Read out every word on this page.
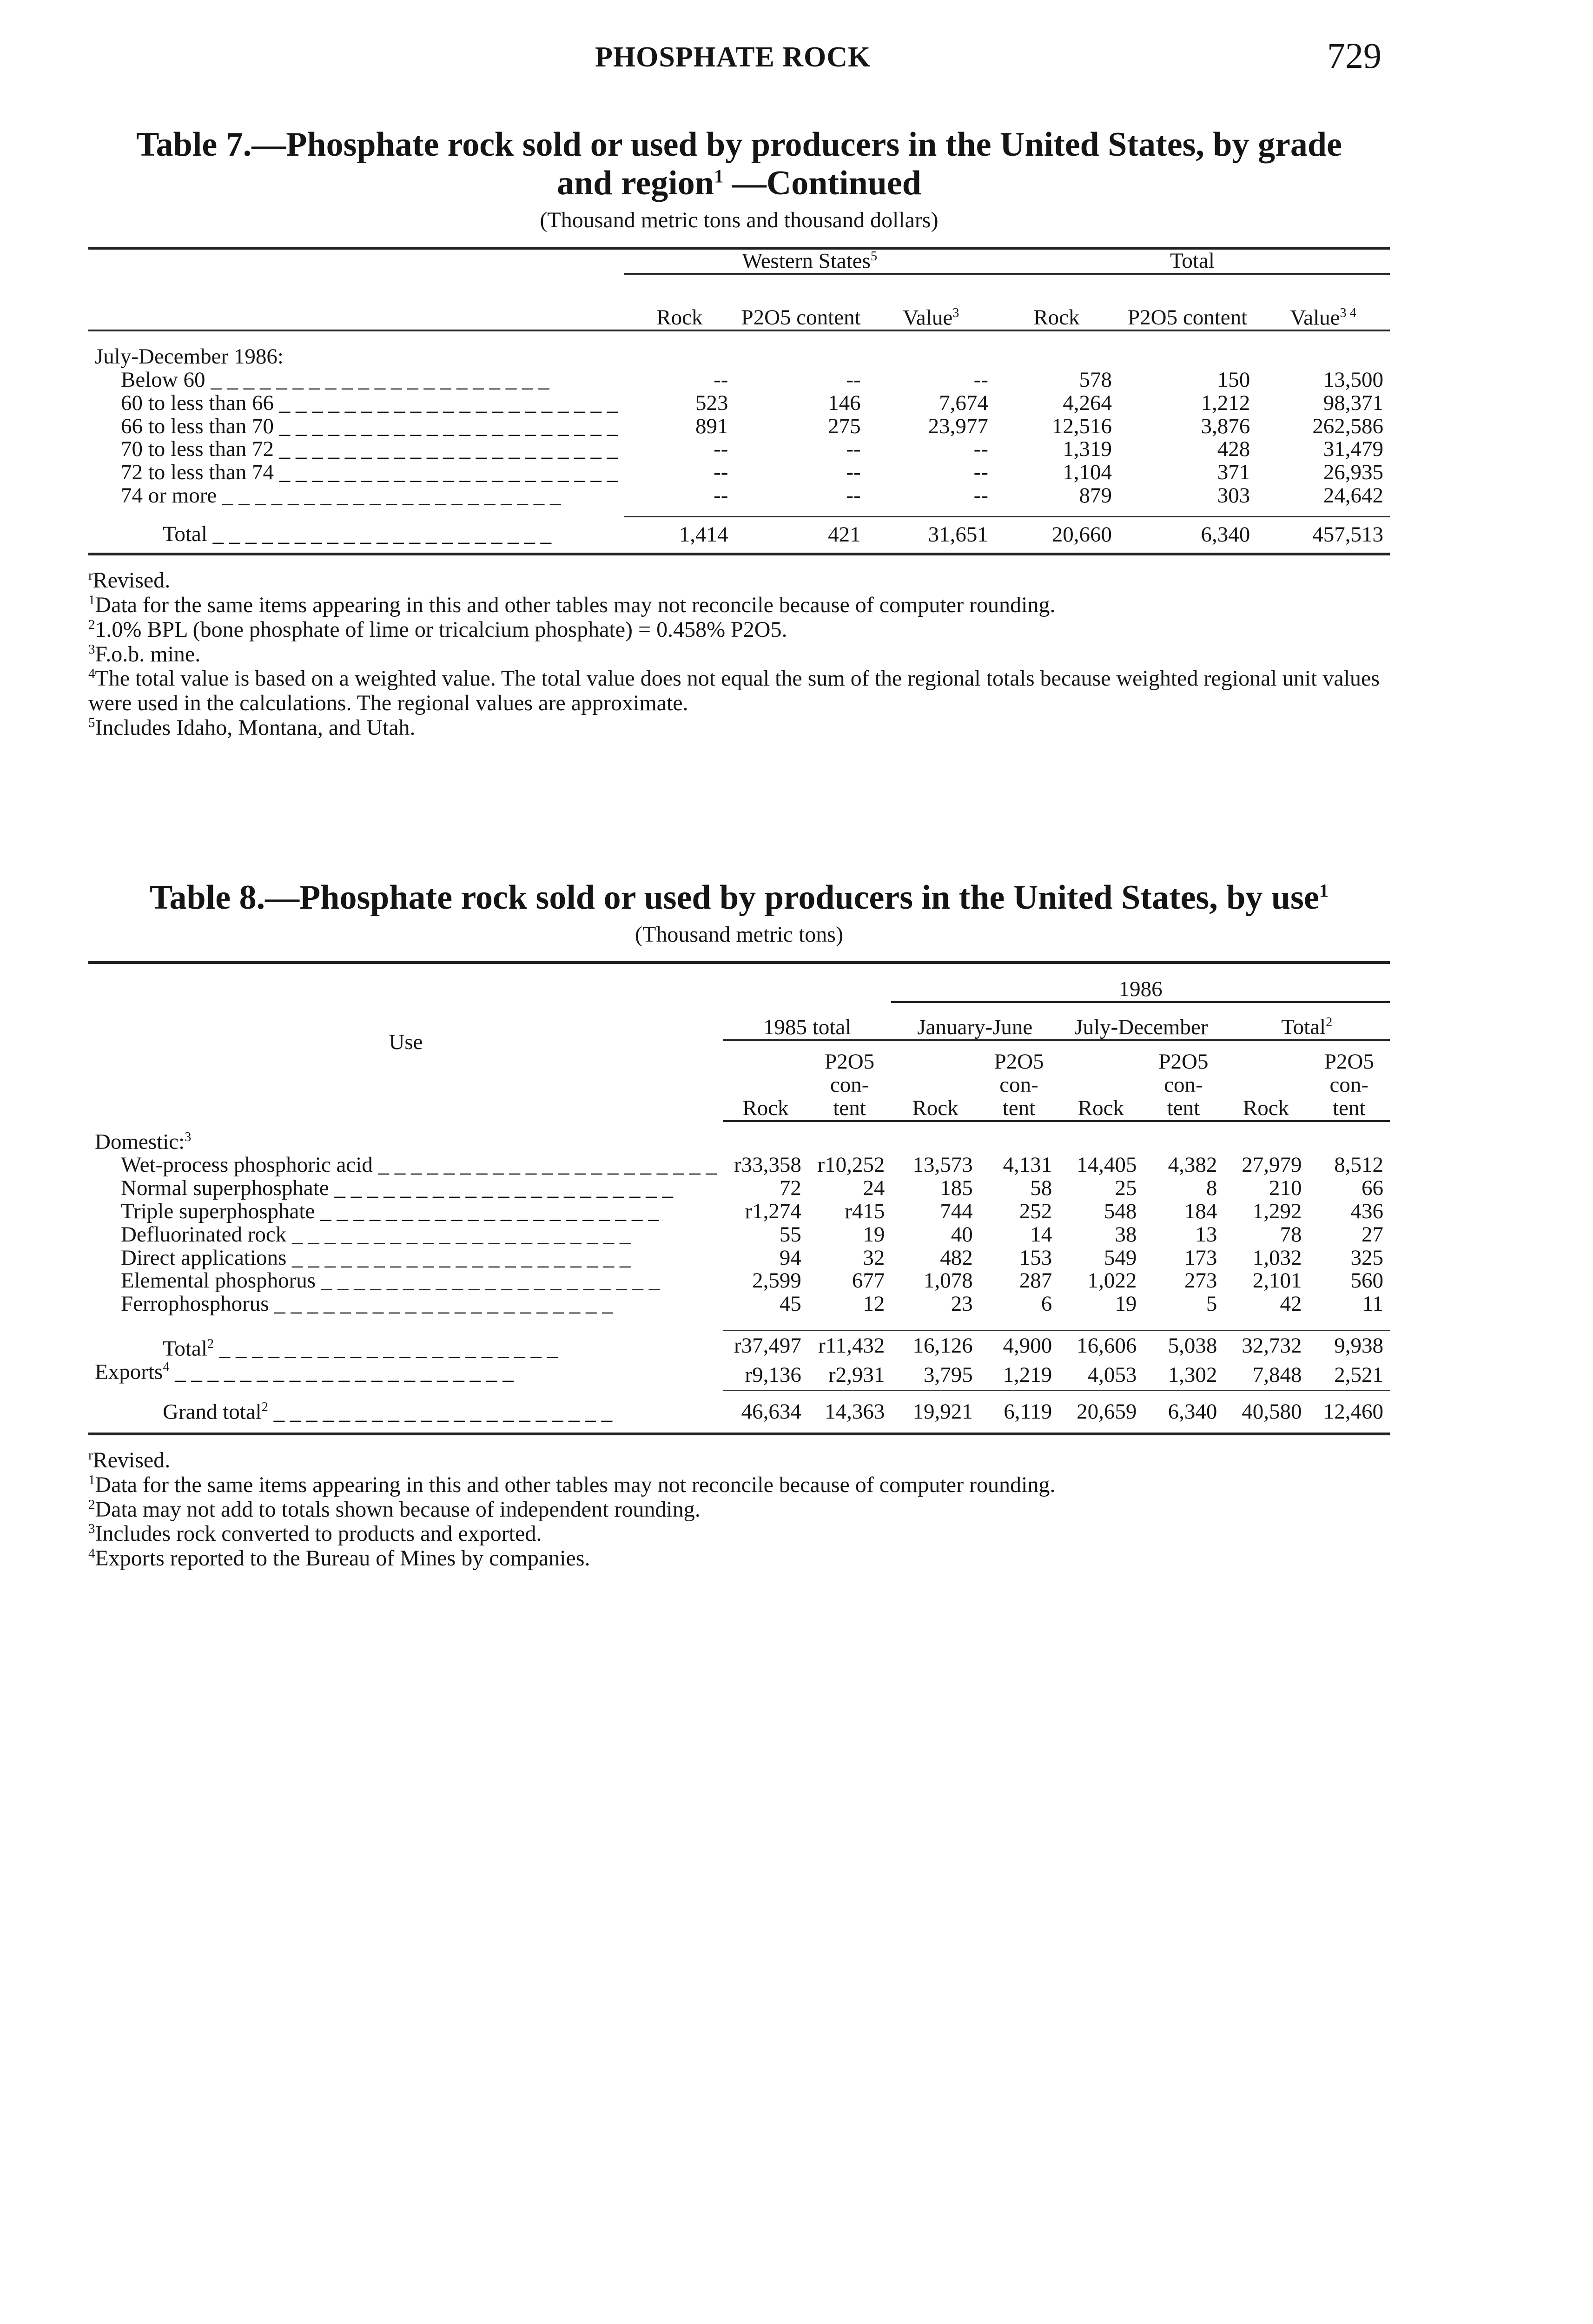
PHOSPHATE ROCK	729
Table 7.—Phosphate rock sold or used by producers in the United States, by grade
and region$^1$ —Continued
(Thousand metric tons and thousand dollars)
	Western States$^5$			Total		
	Rock	P2O5 content	Value$^3$	Rock	P2O5 content	Value$^{3 4}$

July-December 1986:						

Below 60 _ _ _	--	--	--	578	150	13,500

60 to less than 66 _ _ _	523	146	7,674	4,264	1,212	98,371

66 to less than 70 _ _ _	891	275	23,977	12,516	3,876	262,586

70 to less than 72 _ _ _	--	--	--	1,319	428	31,479

72 to less than 74 _ _ _	--	--	--	1,104	371	26,935

74 or more _ _ _	--	--	--	879	303	24,642

Total _ _ _	1,414	421	31,651	20,660	6,340	457,513

$^r$Revised.

$^1$Data for the same items appearing in this and other tables may not reconcile because of computer rounding.

$^2$1.0% BPL (bone phosphate of lime or tricalcium phosphate) = 0.458% P2O5.

$^3$F.o.b. mine.

$^4$The total value is based on a weighted value. The total value does not equal the sum of the regional totals because weighted regional unit values were used in the calculations. The regional values are approximate.

$^5$Includes Idaho, Montana, and Utah.

Table 8.—Phosphate rock sold or used by producers in the United States, by use$^1$
(Thousand metric tons)
Use			1986					
	1985 total		January-June		July-December		Total$^2$
	Rock	P2O5 con- tent	Rock	P2O5 con- tent	Rock	P2O5 con- tent	Rock	P2O5 con- tent

Domestic:$^3$	

Wet-process phosphoric acid _ _ _	r33,358	r10,252	13,573	4,131	14,405	4,382	27,979	8,512

Normal superphosphate _ _ _	72	24	185	58	25	8	210	66

Triple superphosphate _ _ _	r1,274	r415	744	252	548	184	1,292	436

Defluorinated rock _ _ _	55	19	40	14	38	13	78	27

Direct applications _ _ _	94	32	482	153	549	173	1,032	325

Elemental phosphorus _ _ _	2,599	677	1,078	287	1,022	273	2,101	560

Ferrophosphorus _ _ _	45	12	23	6	19	5	42	11

Total$^2$ _ _ _	r37,497	r11,432	16,126	4,900	16,606	5,038	32,732	9,938

Exports$^4$ _ _ _	r9,136	r2,931	3,795	1,219	4,053	1,302	7,848	2,521

Grand total$^2$ _ _ _	46,634	14,363	19,921	6,119	20,659	6,340	40,580	12,460

$^r$Revised.

$^1$Data for the same items appearing in this and other tables may not reconcile because of computer rounding.

$^2$Data may not add to totals shown because of independent rounding.

$^3$Includes rock converted to products and exported.

$^4$Exports reported to the Bureau of Mines by companies.
